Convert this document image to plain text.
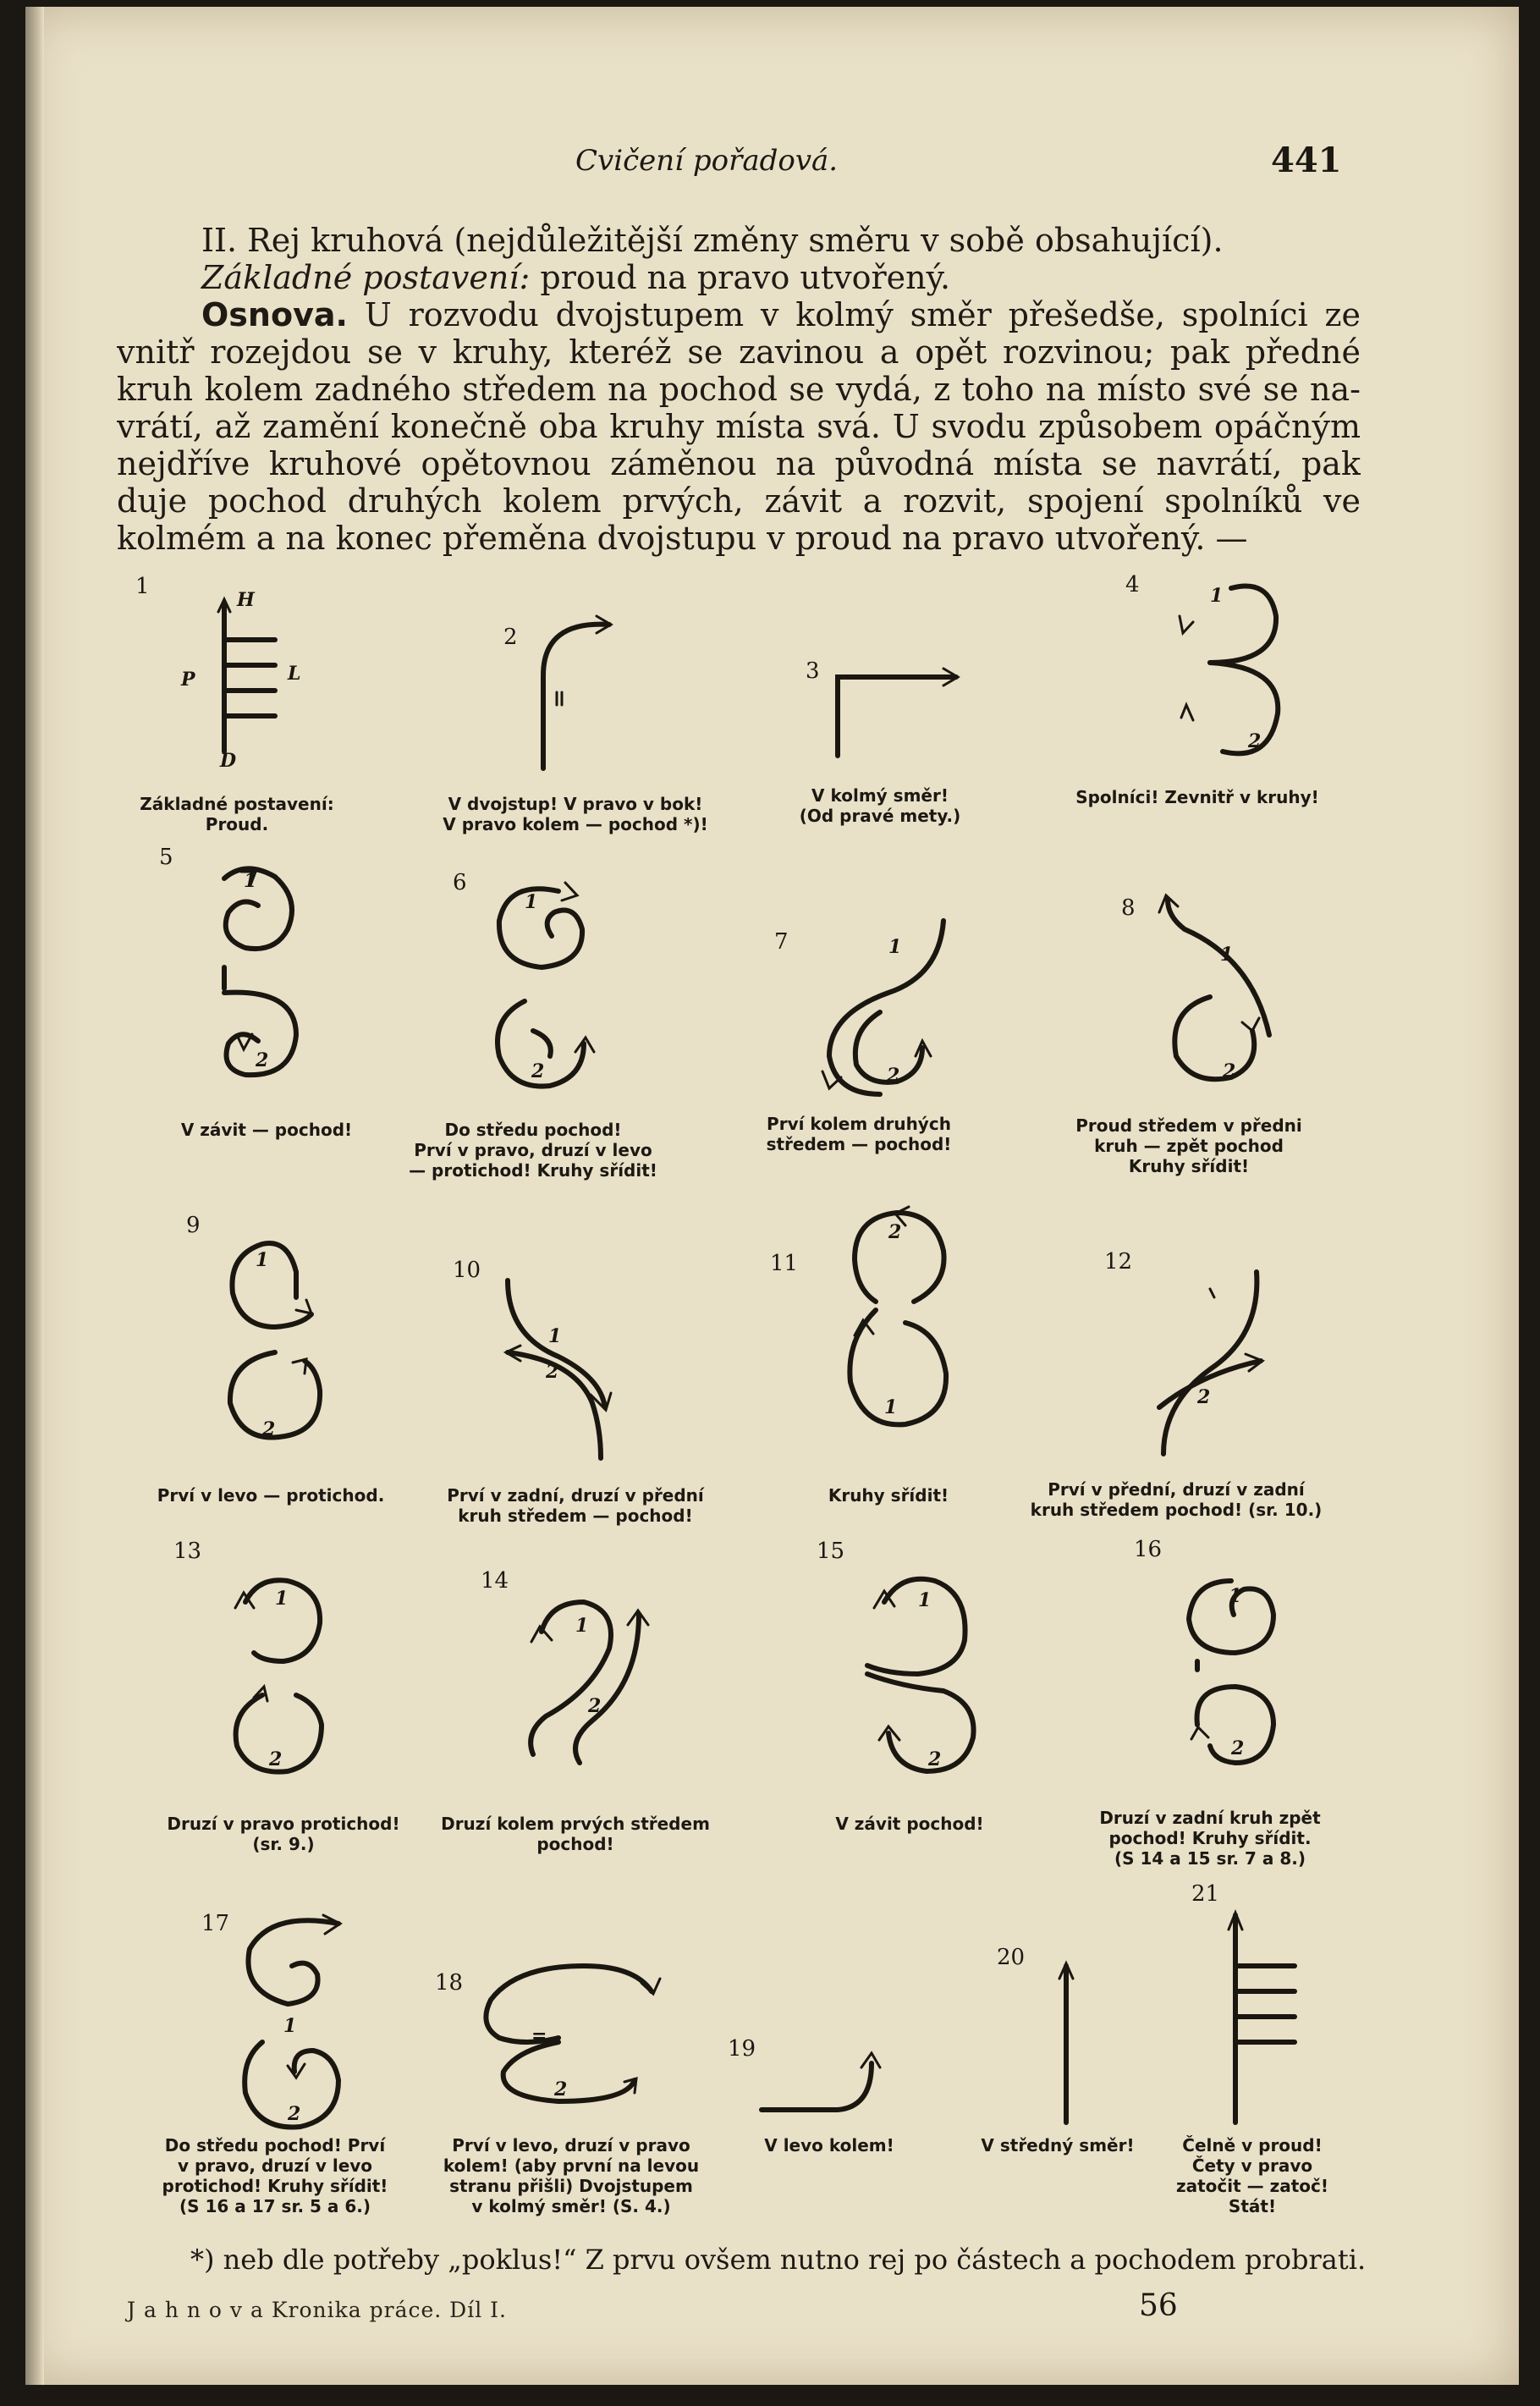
Cvičení pořadová.	441
II. Rej kruhová (nejdůležitější změny směru v sobě obsahující).
Základné postavení: proud na pravo utvořený.
Osnova. U rozvodu dvojstupem v kolmý směr přešedše, spolníci ze
vnitř rozejdou se v kruhy, kteréž se zavinou a opět rozvinou; pak předné
kruh kolem zadného středem na pochod se vydá, z toho na místo své se na-
vrátí, až zamění konečně oba kruhy místa svá. U svodu způsobem opáčným
nejdříve kruhové opětovnou záměnou na původná místa se navrátí, pak
duje pochod druhých kolem prvých, závit a rozvit, spojení spolníků ve
kolmém a na konec přeměna dvojstupu v proud na pravo utvořený. —
1
H
P	L
D
Základné postavení:
Proud.
2
V dvojstup! V pravo v bok!
V pravo kolem — pochod *)!
3
V kolmý směr!
(Od pravé mety.)
4	1
2
Spolníci! Zevnitř v kruhy!
5
1
2
V závit — pochod!
6
1
2
Do středu pochod!
Prví v pravo, druzí v levo
— protichod! Kruhy sřídit!
7	1
2
Prví kolem druhých
středem — pochod!
8
1
2
Proud středem v předni
kruh — zpět pochod
Kruhy sřídit!
9
1
2
Prví v levo — protichod.
10
1
2
Prví v zadní, druzí v přední
kruh středem — pochod!
11
2
1
Kruhy sřídit!
12
2
Prví v přední, druzí v zadní
kruh středem pochod! (sr. 10.)
13
1
2
Druzí v pravo protichod!
(sr. 9.)
14
1
2
Druzí kolem prvých středem
pochod!
15
1
2
V závit pochod!
16
1
2
Druzí v zadní kruh zpět
pochod! Kruhy sřídit.
(S 14 a 15 sr. 7 a 8.)
17
1
2
Do středu pochod! Prví
v pravo, druzí v levo
protichod! Kruhy sřídit!
(S 16 a 17 sr. 5 a 6.)
18
=
2
Prví v levo, druzí v pravo
kolem! (aby první na levou
stranu přišli) Dvojstupem
v kolmý směr! (S. 4.)
19
V levo kolem!
20
V středný směr!
21
Čelně v proud!
Čety v pravo
zatočit — zatoč!
Stát!
*) neb dle potřeby „poklus!“ Z prvu ovšem nutno rej po částech a pochodem probrati.
J a h n o v a Kronika práce. Díl I.	56
